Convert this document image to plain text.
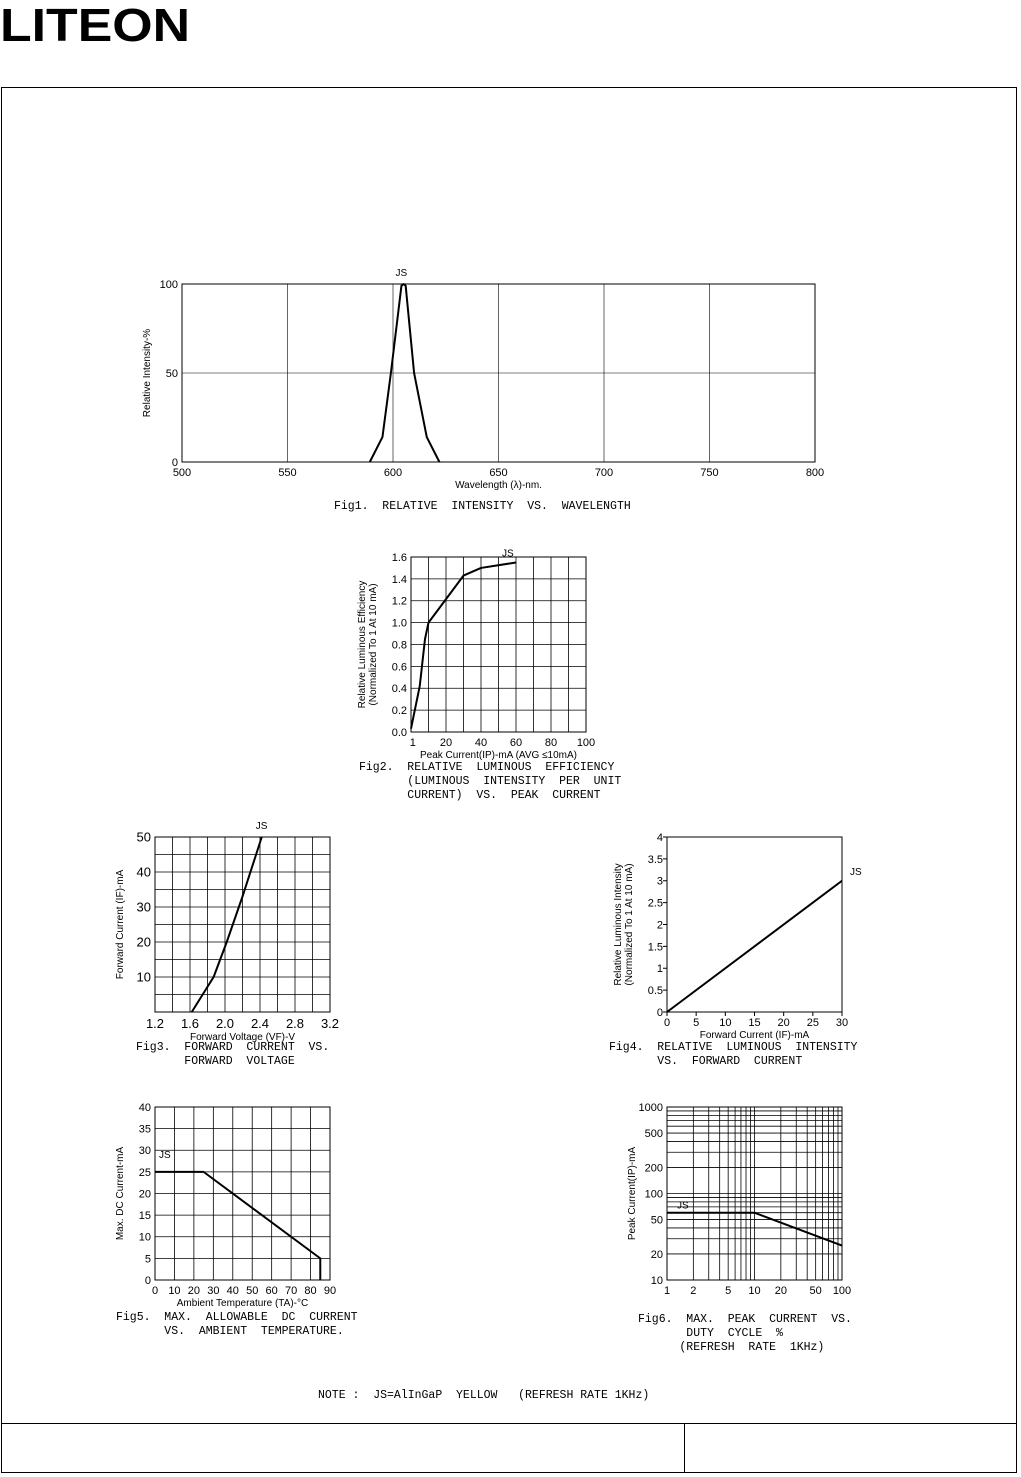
LITEON
500	550	600	650	700	750	800
0
50
100
Wavelength (λ)-nm.
Relative Intensity-%
JS
1 20 40 60 80 100
0.0
0.2
0.4
0.6
0.8
1.0
1.2
1.4
1.6
Peak Current(IP)-mA (AVG ≤10mA)
Relative Luminous Efficiency (Normalized To 1 At 10 mA)
JS
1.2 1.6 2.0 2.4 2.8 3.2
10
20
30
40
50
Forward Voltage (VF)-V
Forward Current (IF)-mA
JS
0 5 10 15 20 25 30
0
0.5
1
1.5
2
2.5
3
3.5
4
Forward Current (IF)-mA
Relative Luminous Intensity (Normalized To 1 At 10 mA)	JS
0 10 20 30 40 50 60 70 80 90
0
5
10
15
20
25
30
35
40
Ambient Temperature (TA)-°C
Max. DC Current-mA	JS
1 2	5 10 20 50 100
10
20
50
100
200
500
1000
Peak Current(IP)-mA	JS
Fig1.  RELATIVE  INTENSITY  VS.  WAVELENGTH
Fig2.  RELATIVE  LUMINOUS  EFFICIENCY
(LUMINOUS  INTENSITY  PER  UNIT
CURRENT)  VS.  PEAK  CURRENT
Fig3.  FORWARD  CURRENT  VS.
FORWARD  VOLTAGE
Fig4.  RELATIVE  LUMINOUS  INTENSITY
VS.  FORWARD  CURRENT
Fig5.  MAX.  ALLOWABLE  DC  CURRENT
VS.  AMBIENT  TEMPERATURE.
Fig6.  MAX.  PEAK  CURRENT  VS.
DUTY  CYCLE  %
(REFRESH  RATE  1KHz)
NOTE :  JS=AlInGaP  YELLOW   (REFRESH RATE 1KHz)
